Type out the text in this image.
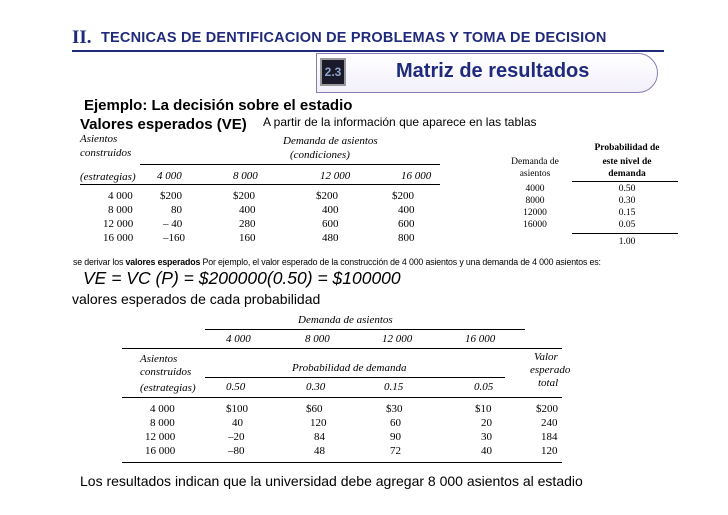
II. TECNICAS DE DENTIFICACION DE PROBLEMAS Y TOMA DE DECISION
2.3	Matriz de resultados
Ejemplo: La decisión sobre el estadio
Valores esperados (VE) A partir de la información que aparece en las tablas
Asientos
construidos
(estrategias)
Demanda de asientos
(condiciones)
4 000	8 000	12 000	16 000
4 000 $200	$200	$200	$200
8 000	80	400	400	400
12 000	– 40	280	600	600
16 000	–160	160	480	800
Demanda de
asientos
Probabilidad de
este nivel de
demanda
4000	0.50
8000	0.30
12000	0.15
16000	0.05
1.00
se derivar los valores esperados Por ejemplo, el valor esperado de la construcción de 4 000 asientos y una demanda de 4 000 asientos es:
VE = VC (P) = $200000(0.50) = $100000
valores esperados de cada probabilidad
Demanda de asientos
4 000	8 000	12 000	16 000
Asientos
construidos
(estrategias)
Probabilidad de demanda
Valor
esperado
total
0.50	0.30	0.15	0.05
4 000	$100	$60	$30	$10	$200
8 000	40	120	60	20	240
12 000	–20	84	90	30	184
16 000	–80	48	72	40	120
Los resultados indican que la universidad debe agregar 8 000 asientos al estadio
